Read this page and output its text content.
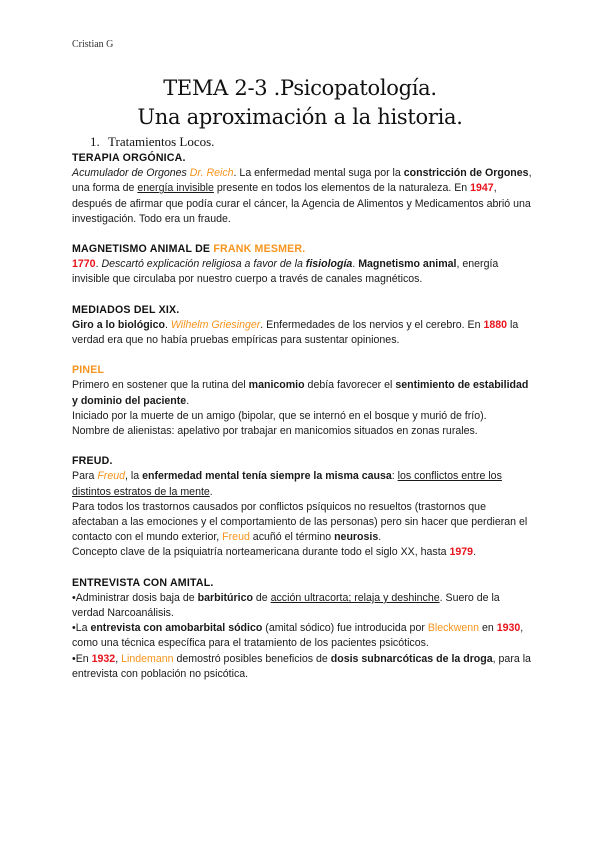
Cristian G
TEMA 2-3 .Psicopatología.
Una aproximación a la historia.
1. Tratamientos Locos.
TERAPIA ORGÓNICA.

Acumulador de Orgones Dr. Reich. La enfermedad mental suga por la constricción de Orgones, una forma de energía invisible presente en todos los elementos de la naturaleza. En 1947, después de afirmar que podía curar el cáncer, la Agencia de Alimentos y Medicamentos abrió una investigación. Todo era un fraude.

MAGNETISMO ANIMAL DE FRANK MESMER.

1770. Descartó explicación religiosa a favor de la fisiología. Magnetismo animal, energía invisible que circulaba por nuestro cuerpo a través de canales magnéticos.

MEDIADOS DEL XIX.

Giro a lo biológico. Wilhelm Griesinger. Enfermedades de los nervios y el cerebro. En 1880 la verdad era que no había pruebas empíricas para sustentar opiniones.

PINEL

Primero en sostener que la rutina del manicomio debía favorecer el sentimiento de estabilidad y dominio del paciente.

Iniciado por la muerte de un amigo (bipolar, que se internó en el bosque y murió de frío).

Nombre de alienistas: apelativo por trabajar en manicomios situados en zonas rurales.

FREUD.

Para Freud, la enfermedad mental tenía siempre la misma causa: los conflictos entre los distintos estratos de la mente.

Para todos los trastornos causados por conflictos psíquicos no resueltos (trastornos que afectaban a las emociones y el comportamiento de las personas) pero sin hacer que perdieran el contacto con el mundo exterior, Freud acuñó el término neurosis.

Concepto clave de la psiquiatría norteamericana durante todo el siglo XX, hasta 1979.

ENTREVISTA CON AMITAL.

•Administrar dosis baja de barbitúrico de acción ultracorta; relaja y deshinche. Suero de la verdad Narcoanálisis.

•La entrevista con amobarbital sódico (amital sódico) fue introducida por Bleckwenn en 1930, como una técnica específica para el tratamiento de los pacientes psicóticos.

•En 1932, Lindemann demostró posibles beneficios de dosis subnarcóticas de la droga, para la entrevista con población no psicótica.
